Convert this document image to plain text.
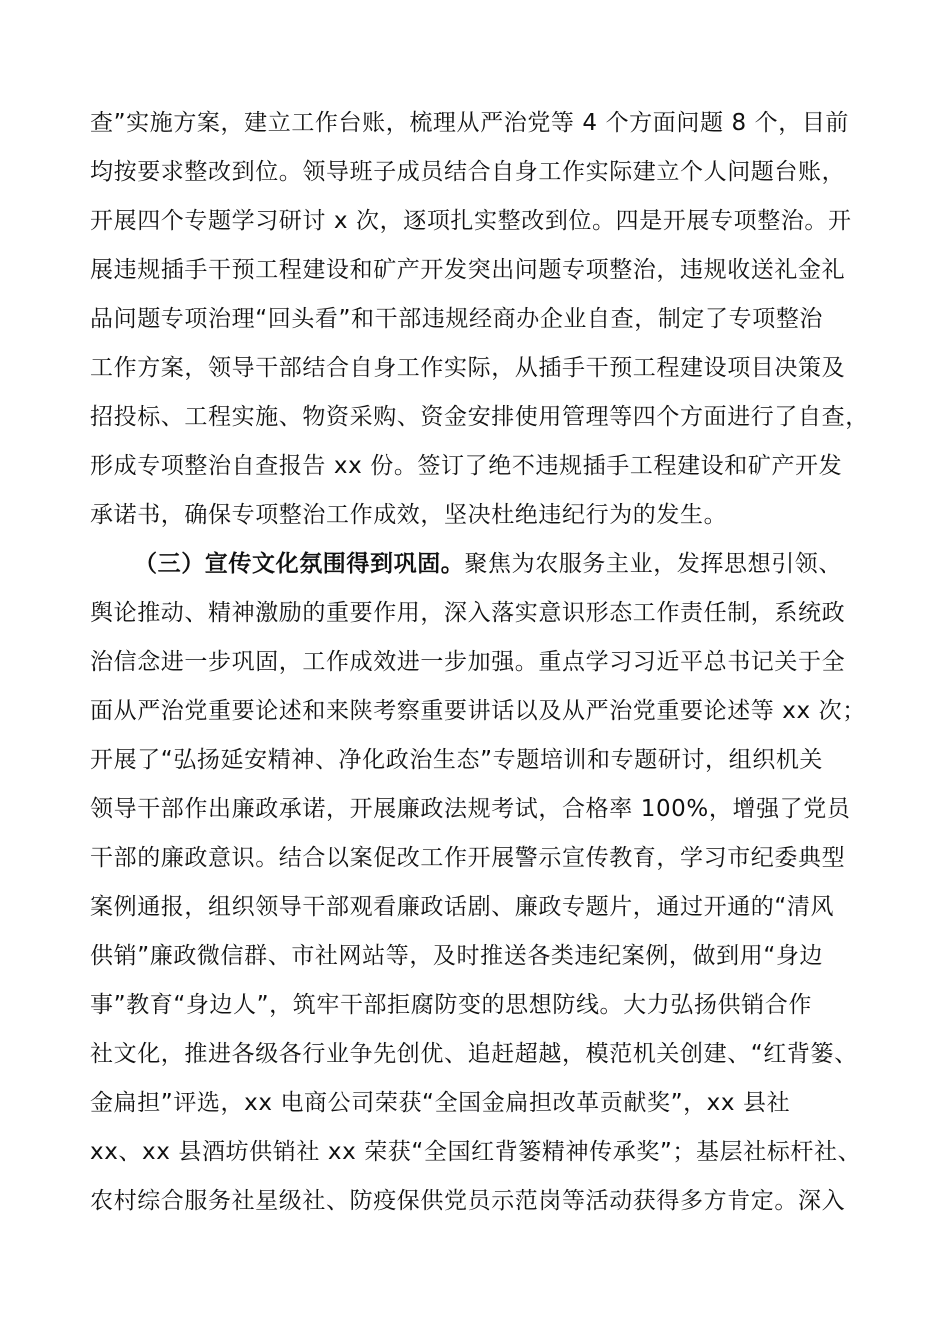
查”实施方案，建立工作台账，梳理从严治党等 4 个方面问题 8 个，目前
均按要求整改到位。领导班子成员结合自身工作实际建立个人问题台账，
开展四个专题学习研讨 x 次，逐项扎实整改到位。四是开展专项整治。开
展违规插手干预工程建设和矿产开发突出问题专项整治，违规收送礼金礼
品问题专项治理“回头看”和干部违规经商办企业自查，制定了专项整治
工作方案，领导干部结合自身工作实际，从插手干预工程建设项目决策及
招投标、工程实施、物资采购、资金安排使用管理等四个方面进行了自查，
形成专项整治自查报告 xx 份。签订了绝不违规插手工程建设和矿产开发
承诺书，确保专项整治工作成效，坚决杜绝违纪行为的发生。
（三）宣传文化氛围得到巩固。聚焦为农服务主业，发挥思想引领、
舆论推动、精神激励的重要作用，深入落实意识形态工作责任制，系统政
治信念进一步巩固，工作成效进一步加强。重点学习习近平总书记关于全
面从严治党重要论述和来陕考察重要讲话以及从严治党重要论述等 xx 次；
开展了“弘扬延安精神、净化政治生态”专题培训和专题研讨，组织机关
领导干部作出廉政承诺，开展廉政法规考试，合格率 100%，增强了党员
干部的廉政意识。结合以案促改工作开展警示宣传教育，学习市纪委典型
案例通报，组织领导干部观看廉政话剧、廉政专题片，通过开通的“清风
供销”廉政微信群、市社网站等，及时推送各类违纪案例，做到用“身边
事”教育“身边人”，筑牢干部拒腐防变的思想防线。大力弘扬供销合作
社文化，推进各级各行业争先创优、追赶超越，模范机关创建、“红背篓、
金扁担”评选，xx 电商公司荣获“全国金扁担改革贡献奖”，xx 县社
xx、xx 县酒坊供销社 xx 荣获“全国红背篓精神传承奖”；基层社标杆社、
农村综合服务社星级社、防疫保供党员示范岗等活动获得多方肯定。深入
